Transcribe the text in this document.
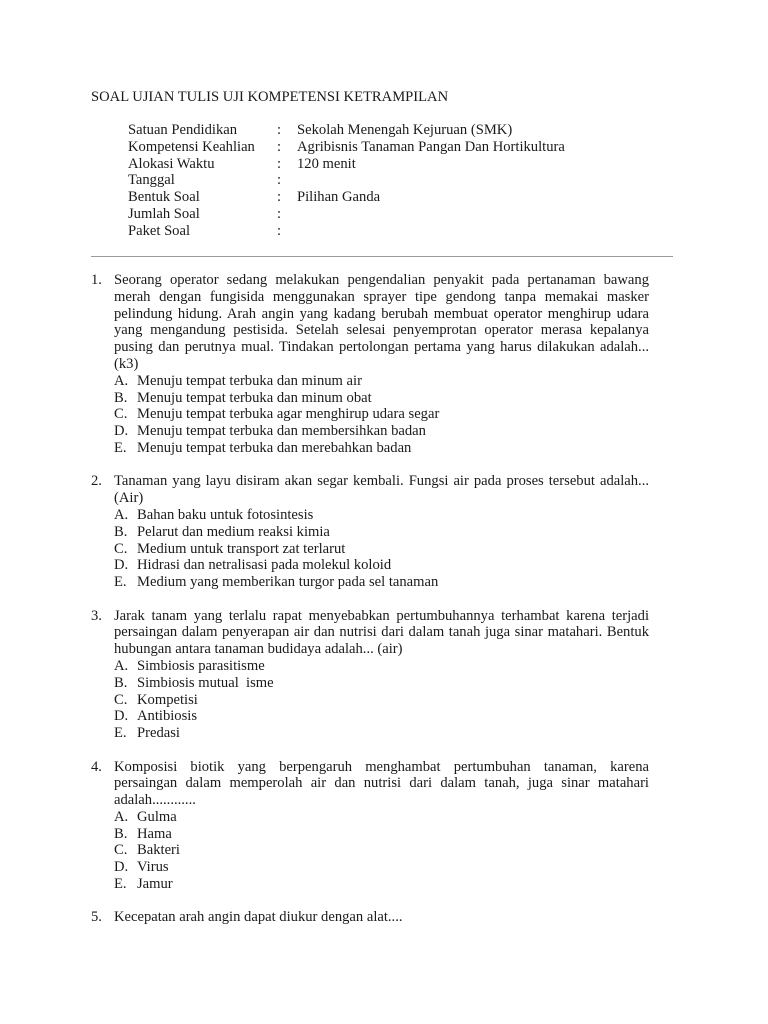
SOAL UJIAN TULIS UJI KOMPETENSI KETRAMPILAN
Satuan Pendidikan	:	Sekolah Menengah Kejuruan (SMK)
Kompetensi Keahlian	:	Agribisnis Tanaman Pangan Dan Hortikultura
Alokasi Waktu	:	120 menit
Tanggal	:	
Bentuk Soal	:	Pilihan Ganda
Jumlah Soal	:	
Paket Soal	:	
1. Seorang operator sedang melakukan pengendalian penyakit pada pertanaman bawang merah dengan fungisida menggunakan sprayer tipe gendong tanpa memakai masker pelindung hidung. Arah angin yang kadang berubah membuat operator menghirup udara yang mengandung pestisida. Setelah selesai penyemprotan operator merasa kepalanya pusing dan perutnya mual. Tindakan pertolongan pertama yang harus dilakukan adalah... (k3)
A. Menuju tempat terbuka dan minum air
B. Menuju tempat terbuka dan minum obat
C. Menuju tempat terbuka agar menghirup udara segar
D. Menuju tempat terbuka dan membersihkan badan
E. Menuju tempat terbuka dan merebahkan badan
2. Tanaman yang layu disiram akan segar kembali. Fungsi air pada proses tersebut adalah... (Air)
A. Bahan baku untuk fotosintesis
B. Pelarut dan medium reaksi kimia
C. Medium untuk transport zat terlarut
D. Hidrasi dan netralisasi pada molekul koloid
E. Medium yang memberikan turgor pada sel tanaman
3. Jarak tanam yang terlalu rapat menyebabkan pertumbuhannya terhambat karena terjadi persaingan dalam penyerapan air dan nutrisi dari dalam tanah juga sinar matahari. Bentuk hubungan antara tanaman budidaya adalah... (air)
A. Simbiosis parasitisme
B. Simbiosis mutual  isme
C. Kompetisi
D. Antibiosis
E. Predasi
4. Komposisi biotik yang berpengaruh menghambat pertumbuhan tanaman, karena persaingan dalam memperolah air dan nutrisi dari dalam tanah, juga sinar matahari adalah............
A. Gulma
B. Hama
C. Bakteri
D. Virus
E. Jamur
5. Kecepatan arah angin dapat diukur dengan alat....
